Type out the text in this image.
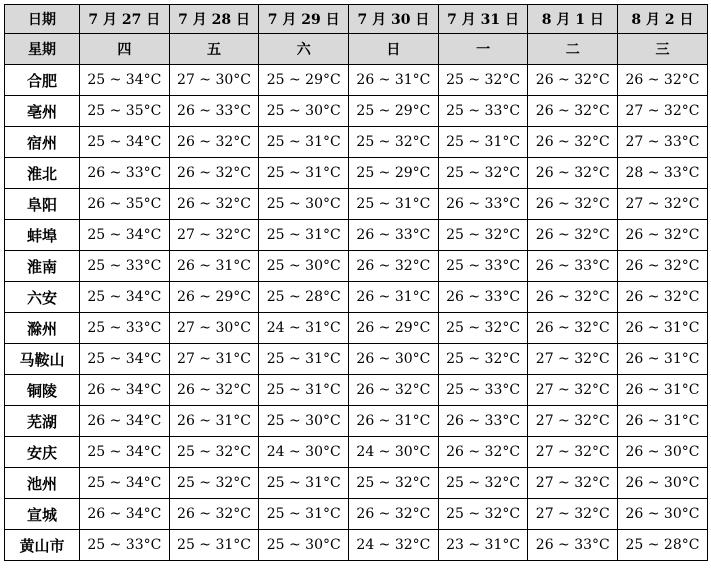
日期	7 月 27 日	7 月 28 日	7 月 29 日	7 月 30 日	7 月 31 日	8 月 1 日	8 月 2 日
星期	四	五	六	日	一	二	三
合肥	25 ~ 34°C	27 ~ 30°C	25 ~ 29°C	26 ~ 31°C	25 ~ 32°C	26 ~ 32°C	26 ~ 32°C
亳州	25 ~ 35°C	26 ~ 33°C	25 ~ 30°C	25 ~ 29°C	25 ~ 33°C	26 ~ 32°C	27 ~ 32°C
宿州	25 ~ 34°C	26 ~ 32°C	25 ~ 31°C	25 ~ 32°C	25 ~ 31°C	26 ~ 32°C	27 ~ 33°C
淮北	26 ~ 33°C	26 ~ 32°C	25 ~ 31°C	25 ~ 29°C	25 ~ 32°C	26 ~ 32°C	28 ~ 33°C
阜阳	26 ~ 35°C	26 ~ 32°C	25 ~ 30°C	25 ~ 31°C	26 ~ 33°C	26 ~ 32°C	27 ~ 32°C
蚌埠	25 ~ 34°C	27 ~ 32°C	25 ~ 31°C	26 ~ 33°C	25 ~ 32°C	26 ~ 32°C	26 ~ 32°C
淮南	25 ~ 33°C	26 ~ 31°C	25 ~ 30°C	26 ~ 32°C	25 ~ 33°C	26 ~ 33°C	26 ~ 32°C
六安	25 ~ 34°C	26 ~ 29°C	25 ~ 28°C	26 ~ 31°C	26 ~ 33°C	26 ~ 32°C	26 ~ 32°C
滁州	25 ~ 33°C	27 ~ 30°C	24 ~ 31°C	26 ~ 29°C	25 ~ 32°C	26 ~ 32°C	26 ~ 31°C
马鞍山	25 ~ 34°C	27 ~ 31°C	25 ~ 31°C	26 ~ 30°C	25 ~ 32°C	27 ~ 32°C	26 ~ 31°C
铜陵	26 ~ 34°C	26 ~ 32°C	25 ~ 31°C	26 ~ 32°C	25 ~ 33°C	27 ~ 32°C	26 ~ 31°C
芜湖	26 ~ 34°C	26 ~ 31°C	25 ~ 30°C	26 ~ 31°C	26 ~ 33°C	27 ~ 32°C	26 ~ 31°C
安庆	25 ~ 34°C	25 ~ 32°C	24 ~ 30°C	24 ~ 30°C	26 ~ 32°C	27 ~ 32°C	26 ~ 30°C
池州	25 ~ 34°C	25 ~ 32°C	25 ~ 31°C	25 ~ 32°C	25 ~ 32°C	27 ~ 32°C	26 ~ 30°C
宣城	26 ~ 34°C	26 ~ 32°C	25 ~ 31°C	26 ~ 32°C	25 ~ 32°C	27 ~ 32°C	26 ~ 30°C
黄山市	25 ~ 33°C	25 ~ 31°C	25 ~ 30°C	24 ~ 32°C	23 ~ 31°C	26 ~ 33°C	25 ~ 28°C
